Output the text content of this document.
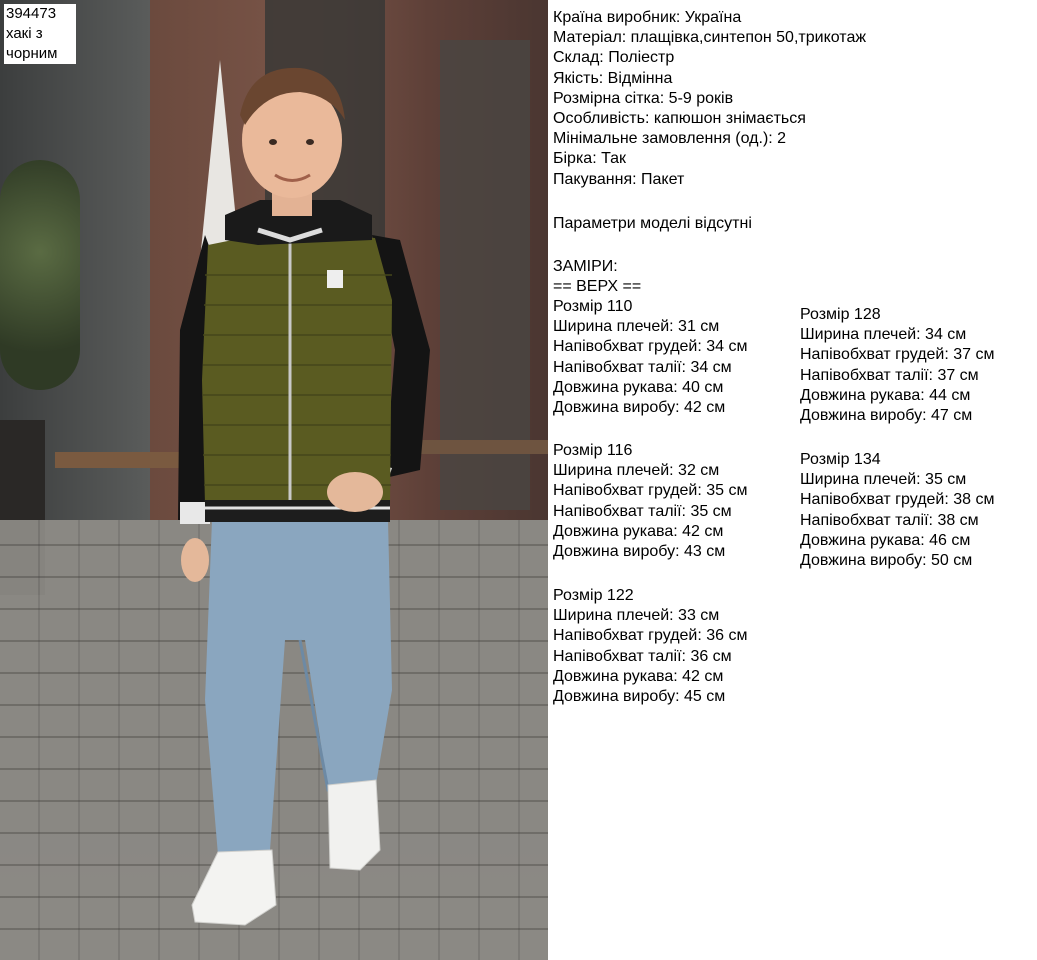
394473
хакі з
чорним
Країна виробник: Україна
Матеріал: плащівка,синтепон 50,трикотаж
Склад: Поліестр
Якість: Відмінна
Розмірна сітка: 5-9 років
Особливість: капюшон знімається
Мінімальне замовлення (од.): 2
Бірка: Так
Пакування: Пакет
Параметри моделі відсутні
ЗАМІРИ:
== ВЕРХ ==
Розмір 110
Ширина плечей: 31 см
Напівобхват грудей: 34 см
Напівобхват талії: 34 см
Довжина рукава: 40 см
Довжина виробу: 42 см
Розмір 116
Ширина плечей: 32 см
Напівобхват грудей: 35 см
Напівобхват талії: 35 см
Довжина рукава: 42 см
Довжина виробу: 43 см
Розмір 122
Ширина плечей: 33 см
Напівобхват грудей: 36 см
Напівобхват талії: 36 см
Довжина рукава: 42 см
Довжина виробу: 45 см
Розмір 128
Ширина плечей: 34 см
Напівобхват грудей: 37 см
Напівобхват талії: 37 см
Довжина рукава: 44 см
Довжина виробу: 47 см
Розмір 134
Ширина плечей: 35 см
Напівобхват грудей: 38 см
Напівобхват талії: 38 см
Довжина рукава: 46 см
Довжина виробу: 50 см
